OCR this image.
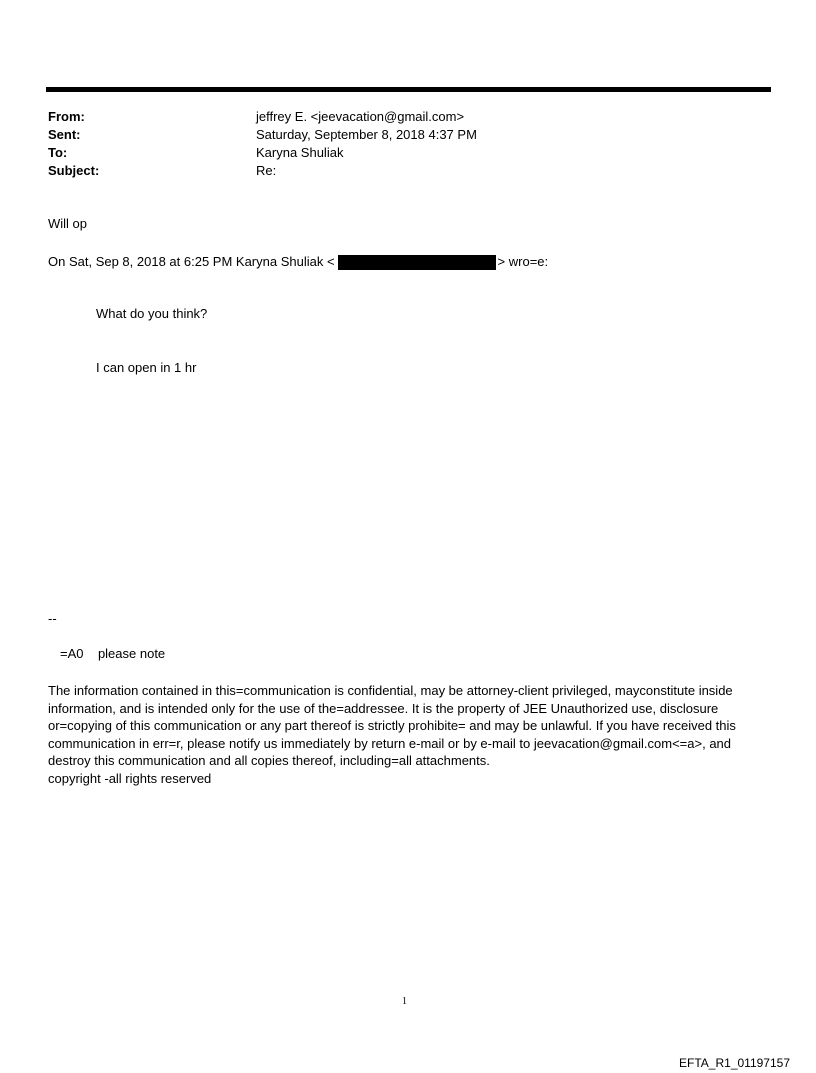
From:	jeffrey E. <jeevacation@gmail.com>
Sent:	Saturday, September 8, 2018 4:37 PM
To:	Karyna Shuliak
Subject:	Re:
Will op
On Sat, Sep 8, 2018 at 6:25 PM Karyna Shuliak <	> wro=e:
What do you think?
I can open in 1 hr
--
=A0    please note

The information contained in this=communication is confidential, may be attorney-client privileged, mayconstitute inside information, and is intended only for the use of the=addressee. It is the property of JEE Unauthorized use, disclosure or=copying of this communication or any part thereof is strictly prohibite= and may be unlawful. If you have received this communication in err=r, please notify us immediately by return e-mail or by e-mail to jeevacation@gmail.com<=a>, and destroy this communication and all copies thereof, including=all attachments.

copyright -all rights reserved

1
EFTA_R1_01197157
